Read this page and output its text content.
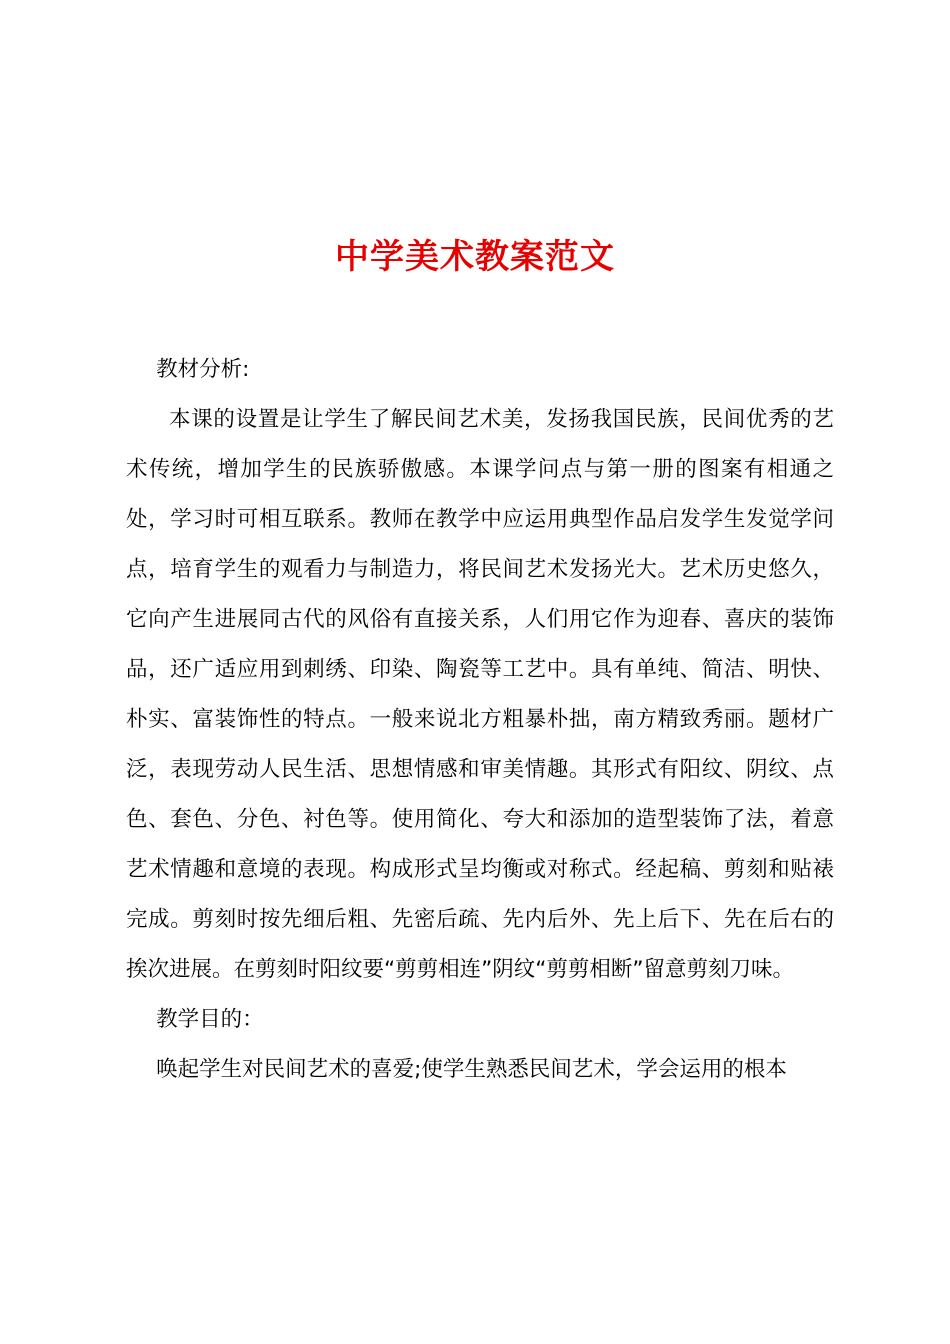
中学美术教案范文

教材分析:

本课的设置是让学生了解民间艺术美，发扬我国民族，民间优秀的艺术传统，增加学生的民族骄傲感。本课学问点与第一册的图案有相通之处，学习时可相互联系。教师在教学中应运用典型作品启发学生发觉学问点，培育学生的观看力与制造力，将民间艺术发扬光大。艺术历史悠久，它向产生进展同古代的风俗有直接关系，人们用它作为迎春、喜庆的装饰品，还广适应用到刺绣、印染、陶瓷等工艺中。具有单纯、简洁、明快、朴实、富装饰性的特点。一般来说北方粗暴朴拙，南方精致秀丽。题材广泛，表现劳动人民生活、思想情感和审美情趣。其形式有阳纹、阴纹、点色、套色、分色、衬色等。使用简化、夸大和添加的造型装饰了法，着意艺术情趣和意境的表现。构成形式呈均衡或对称式。经起稿、剪刻和贴裱完成。剪刻时按先细后粗、先密后疏、先内后外、先上后下、先在后右的挨次进展。在剪刻时阳纹要“剪剪相连”阴纹“剪剪相断”留意剪刻刀味。

教学目的：

唤起学生对民间艺术的喜爱;使学生熟悉民间艺术，学会运用的根本
